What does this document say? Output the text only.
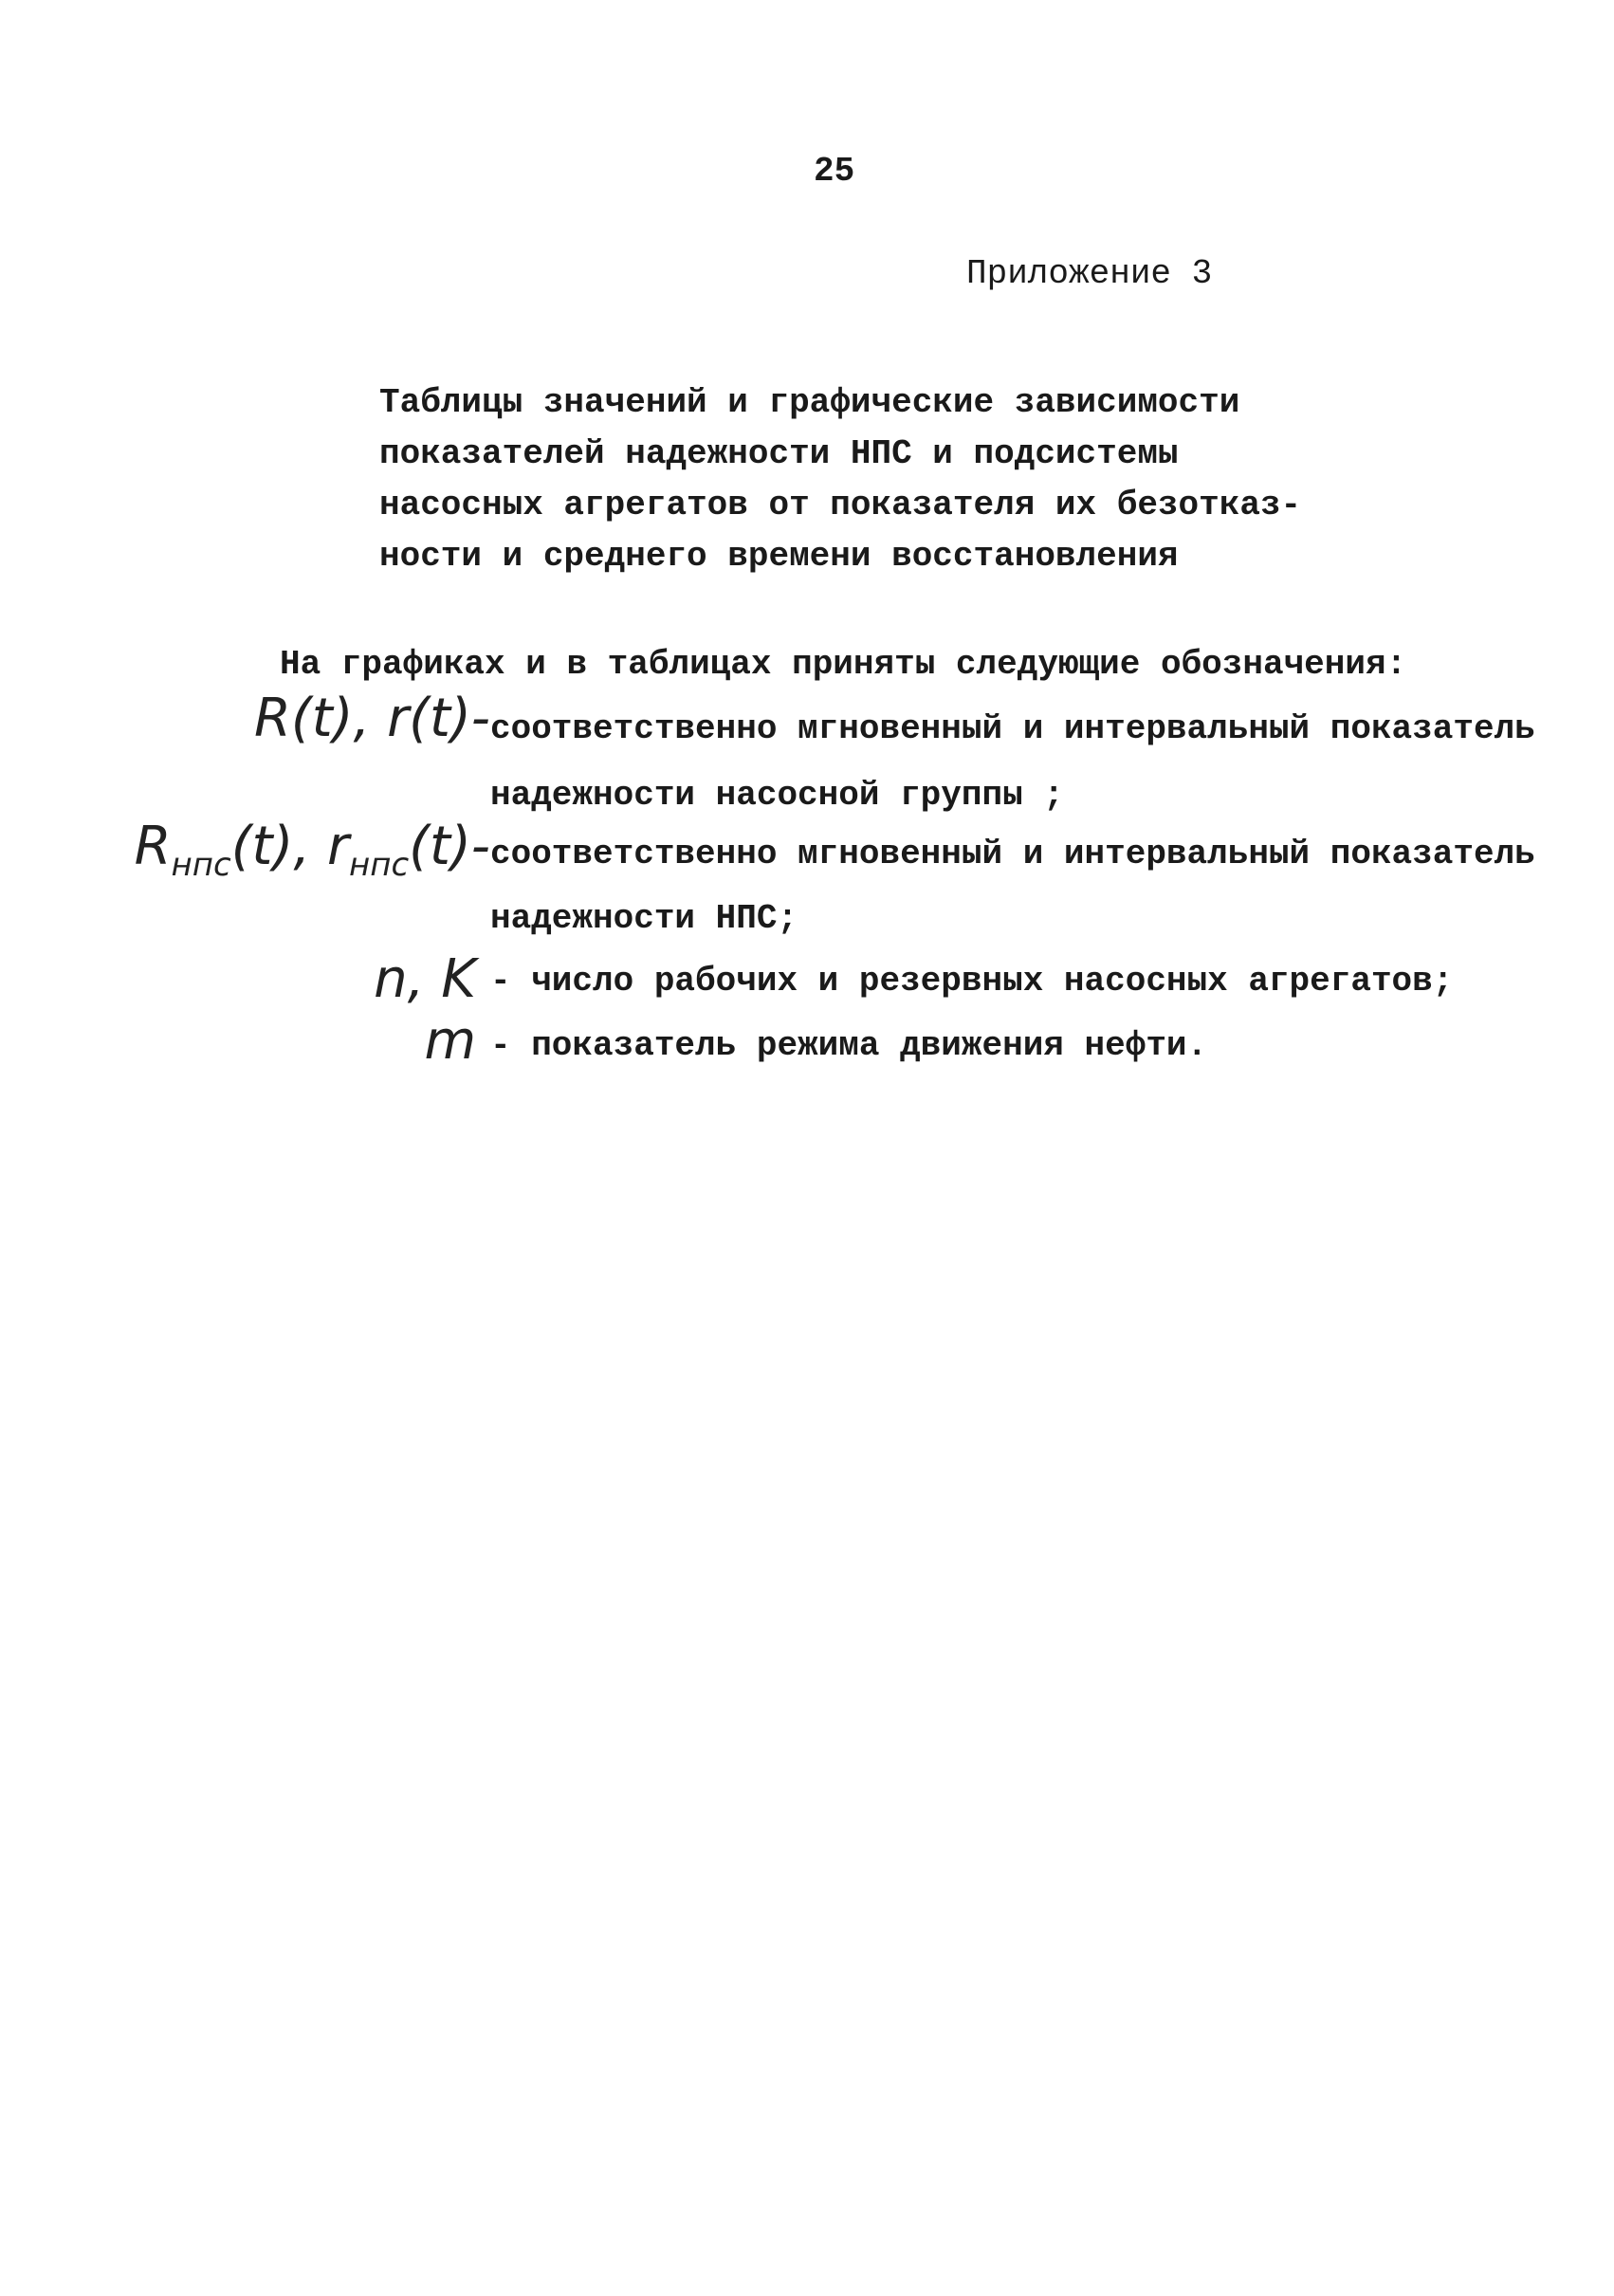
25
Приложение 3
Таблицы значений и графические зависимости
показателей надежности НПС и подсистемы
насосных агрегатов от показателя их безотказ-
ности и среднего времени восстановления
На графиках и в таблицах приняты следующие обозначения:
R(t), r(t)- соответственно мгновенный и интервальный показатель
надежности насосной группы ;
$R_{нпс}(t)$, $r_{нпс}(t)-$ соответственно мгновенный и интервальный показатель
надежности НПС;
n, K - число рабочих и резервных насосных агрегатов;
m - показатель режима движения нефти.
